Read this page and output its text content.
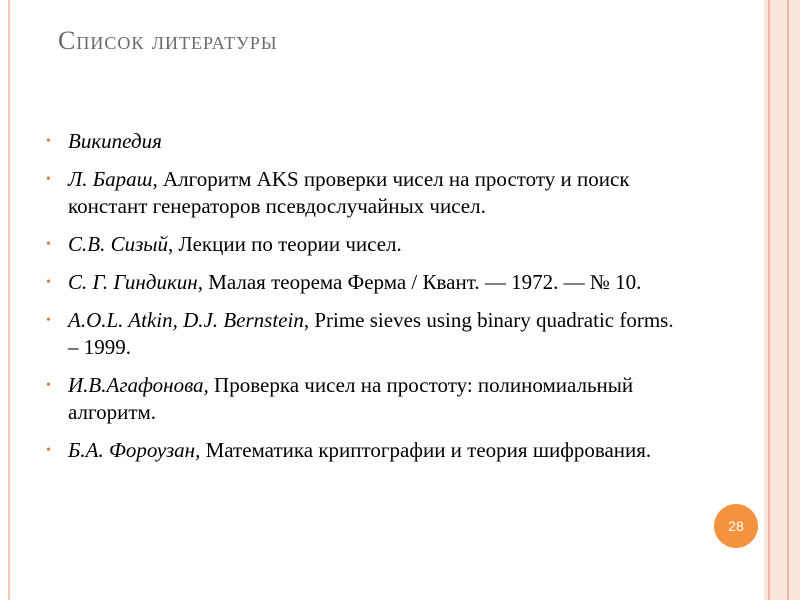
Список литературы
• Википедия
• Л. Бараш, Алгоритм AKS проверки чисел на простоту и поиск констант генераторов псевдослучайных чисел.
• С.В. Сизый, Лекции по теории чисел.
• С. Г. Гиндикин, Малая теорема Ферма / Квант. — 1972. — № 10.
• A.O.L. Atkin, D.J. Bernstein, Prime sieves using binary quadratic forms. – 1999.
• И.В.Агафонова, Проверка чисел на простоту: полиномиальный алгоритм.
• Б.А. Фороузан, Математика криптографии и теория шифрования.
28
